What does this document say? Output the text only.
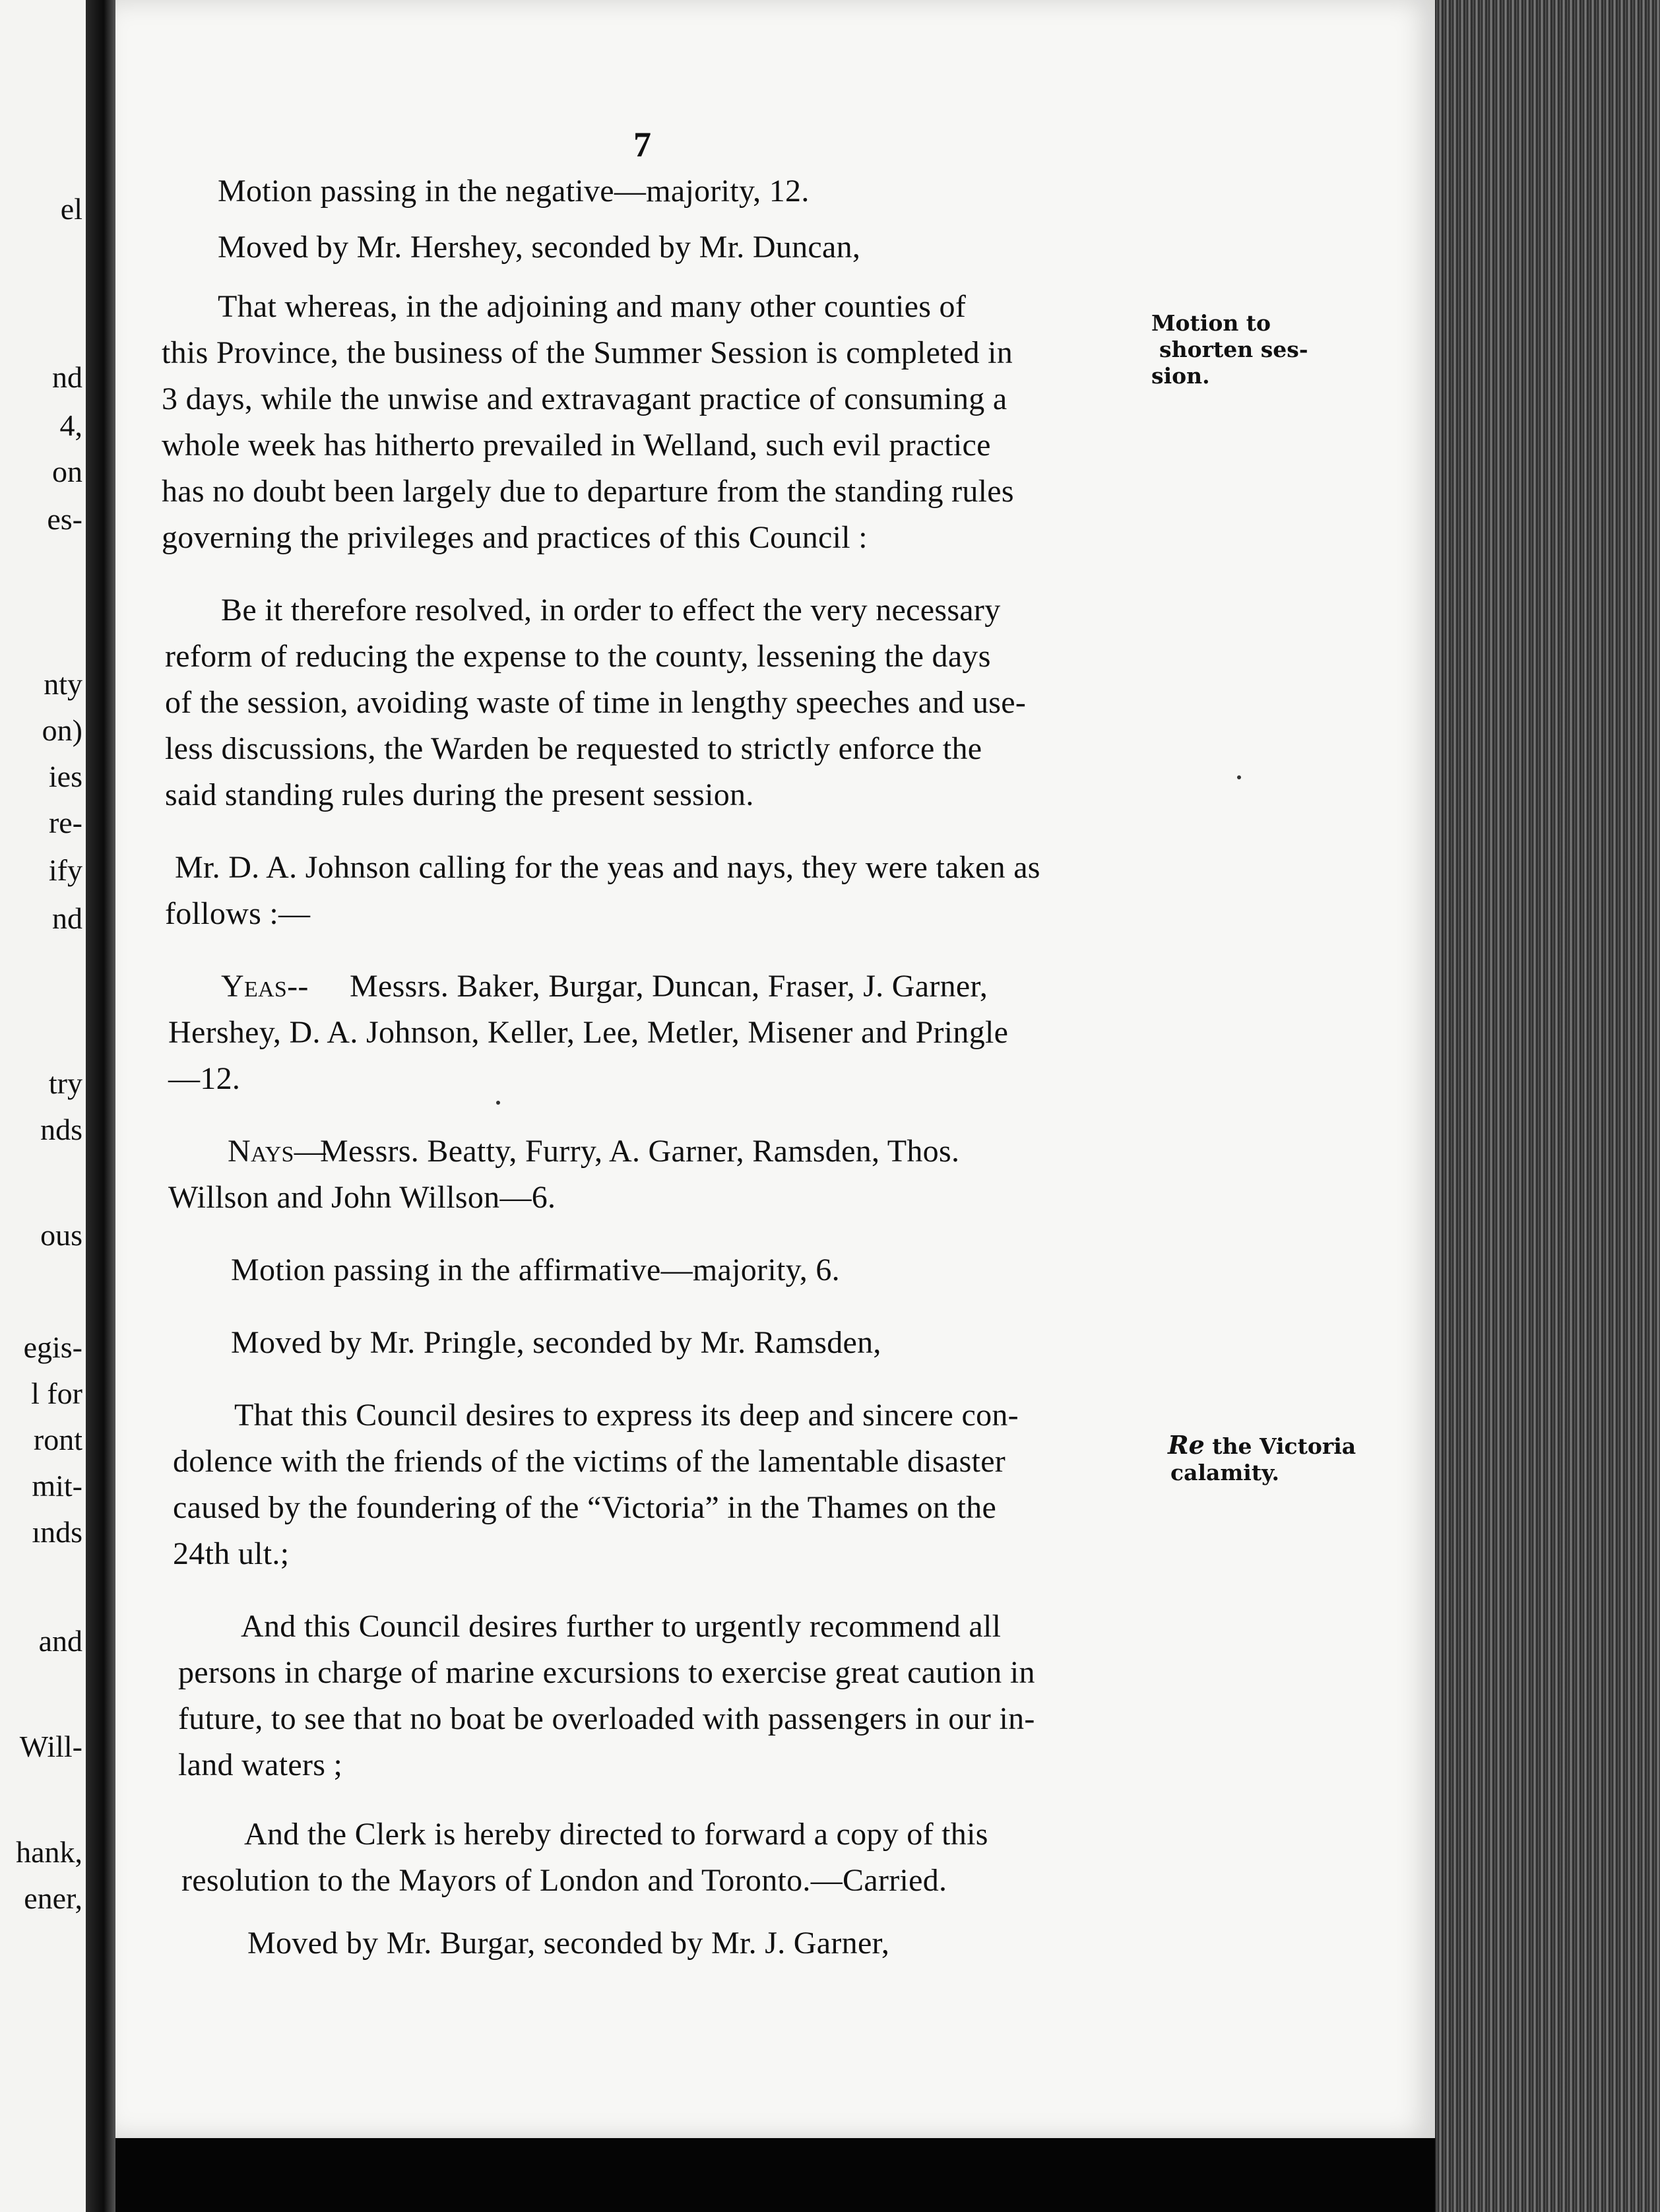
el
nd
4,
on
es-
nty
on)
ies
re-
ify
nd
try
nds
ous
egis-
l for
ront
mit-
ınds
and
Will-
hank,
ener,
7
Motion to
shorten ses-
sion.
Re the Victoria
calamity.
Motion passing in the negative—majority, 12.
Moved by Mr. Hershey, seconded by Mr. Duncan,
That whereas, in the adjoining and many other counties of
this Province, the business of the Summer Session is completed in
3 days, while the unwise and extravagant practice of consuming a
whole week has hitherto prevailed in Welland, such evil practice
has no doubt been largely due to departure from the standing rules
governing the privileges and practices of this Council :
Be it therefore resolved, in order to effect the very necessary
reform of reducing the expense to the county, lessening the days
of the session, avoiding waste of time in lengthy speeches and use-
less discussions, the Warden be requested to strictly enforce the
said standing rules during the present session.
Mr. D. A. Johnson calling for the yeas and nays, they were taken as
follows :—
Yeas-- Messrs. Baker, Burgar, Duncan, Fraser, J. Garner,
Hershey, D. A. Johnson, Keller, Lee, Metler, Misener and Pringle
—12.
Nays—
Messrs. Beatty, Furry, A. Garner, Ramsden, Thos.
Willson and John Willson—6.
Motion passing in the affirmative—majority, 6.
Moved by Mr. Pringle, seconded by Mr. Ramsden,
That this Council desires to express its deep and sincere con-
dolence with the friends of the victims of the lamentable disaster
caused by the foundering of the “Victoria” in the Thames on the
24th ult.;
And this Council desires further to urgently recommend all
persons in charge of marine excursions to exercise great caution in
future, to see that no boat be overloaded with passengers in our in-
land waters ;
And the Clerk is hereby directed to forward a copy of this
resolution to the Mayors of London and Toronto.—Carried.
Moved by Mr. Burgar, seconded by Mr. J. Garner,
